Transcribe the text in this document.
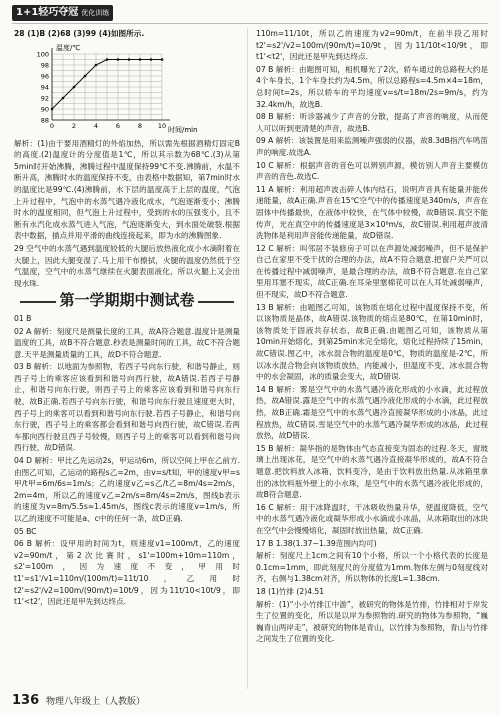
1+1轻巧夺冠 优化训练

28 (1)B (2)68 (3)99 (4)如图所示.

温度/℃
时间/min
88
90
92
94
96
98
100
0	2	4	6	8 10

解析：(1)由于要用酒精灯的外焰加热，所以需先根据酒精灯固定B的高度.(2)温度计的分度值是1℃，所以其示数为68℃.(3)从第5min时开始沸腾，沸腾过程中温度保持99℃不变.沸腾前，水温不断升高，沸腾时水的温度保持不变，由表格中数据知，第7min时水的温度比是99℃.(4)沸腾前，水下层的温度高于上层的温度，气泡上升过程中，气泡中的水蒸气遇冷液化成水，气泡逐渐变小；沸腾时水的温度相同，但气泡上升过程中，受到的水的压强变小，且不断有水汽化成水蒸气进入气泡，气泡逐渐变大，到水面处破裂.根据表中数据，描点并用平滑的曲线连接起来，即为水的沸腾图象.

29 空气中的水蒸气遇到温度较低的大腿后放热液化成小水滴附着在大腿上，因此大腿变湿了.马上用干布擦拭，火腿的温度仍然低于空气温度，空气中的水蒸气继续在火腿表面液化，所以火腿上又会出现水珠.

第一学期期中测试卷

01 B

02 A 解析：刻度尺是测量长度的工具，故A符合题意.温度计是测量温度的工具，故B不符合题意.秒表是测量时间的工具，故C不符合题意.天平是测量质量的工具，故D不符合题意.

03 B 解析：以地面为参照物，若西子号向东行驶，和谐号静止，则西子号上的乘客应该看到和谐号向西行驶，故A错误.若西子号静止，和谐号向东行驶，则西子号上的乘客应该看到和谐号向东行驶，故B正确.若西子号向东行驶，和谐号向东行驶且速度更大时，西子号上的乘客可以看到和谐号向东行驶.若西子号静止，和谐号向东行驶，西子号上的乘客都会看到和谐号向西行驶，故C错误.若两车都向西行驶且西子号较慢，则西子号上的乘客可以看到和谐号向西行驶，故D错误.

04 D 解析：甲比乙先运动2s，甲运动6m，所以空间上甲在乙前方.由图乙可知，乙运动的路程s乙=2m，由v=s/t知，甲的速度v甲=s甲/t甲=6m/6s=1m/s；乙的速度v乙=s乙/t乙=8m/4s=2m/s，2m=4m，所以乙的速度v乙=2m/s=8m/4s=2m/s，图线b表示的速度为v=8m/5.5s≈1.45m/s，图线c表示的速度v=1m/s，所以乙的速度不可能是a、c中的任何一条，故D正确.

05 BC

06 B 解析：设甲用的时间为t，则速度v1=100m/t，乙的速度v2=90m/t，第2次比赛时，s1'=100m+10m=110m，s2'=100m，因为速度不变，甲用时t1'=s1'/v1=110m/(100m/t)=11t/10，乙用时t2'=s2'/v2=100m/(90m/t)=10t/9，因为11t/10<10t/9，即t1'<t2'，因此还是甲先到达终点.

110m=11/10t，所以乙的速度为v2=90m/t，在前半段乙用时t2'=s2'/v2=100m/(90m/t)=10/9t，因为11/10t<10/9t，即t1'<t2'，因此还是甲先到达终点.

07 B 解析：由题图可知，相机曝光了2次，轿车通过的总路程大约是4个车身长，1个车身长约为4.5m，所以总路程s=4.5m×4=18m，总时间t=2s，所以轿车的平均速度v=s/t=18m/2s=9m/s，约为32.4km/h，故选B.

08 B 解析：听诊器减少了声音的分散，提高了声音的响度，从而使人可以听到更清楚的声音，故选B.

09 A 解析：该装置是用来监测噪声强弱的仪器，故8.3dB指汽车鸣笛声的响度.故选A.

10 C 解析：根据声音的音色可以辨别声源，模仿别人声音主要模仿声音的音色.故选C.

11 A 解析：利用超声波击碎人体内结石，说明声音具有能量并能传递能量，故A正确.声音在15℃空气中的传播速度是340m/s，声音在固体中传播最快，在液体中较快，在气体中较慢，故B错误.真空不能传声，光在真空中的传播速度是3×10⁸m/s，故C错误.利用超声波清洗物体是利用声音能传递能量，故D错误.

12 C 解析：叫邻居不装修房子可以在声源处减弱噪声，但不是保护自己在家里不受干扰的合理的办法，故A不符合题意.把窗户关严可以在传播过程中减弱噪声，是最合理的办法，故B不符合题意.在自己家里用耳塞不现实，故C正确.在耳朵里塞棉花可以在人耳处减弱噪声，但不现实，故D不符合题意.

13 B 解析：由题图乙可知，该物质在熔化过程中温度保持不变，所以该物质是晶体，故A错误.该物质的熔点是80℃，在第10min时，该物质处于固液共存状态，故B正确.由题图乙可知，该物质从第10min开始熔化，到第25min末完全熔化，熔化过程持续了15min，故C错误.图乙中，冰水混合物的温度是0℃，物质的温度是-2℃，所以冰水混合物会向该物质放热，内能减小，但温度不变，冰水混合物中的水会凝固，冰的质量会变大，故D错误.

14 B 解析：雾是空气中的水蒸气遇冷液化形成的小水滴，此过程放热，故A错误.露是空气中的水蒸气遇冷液化形成的小水滴，此过程放热，故B正确.霜是空气中的水蒸气遇冷直接凝华形成的小冰晶，此过程放热，故C错误.雪是空气中的水蒸气遇冷凝华形成的冰晶，此过程放热，故D错误.

15 B 解析：凝华指的是物体由气态直接变为固态的过程.冬天，窗玻璃上出现冰花，是空气中的水蒸气遇冷直接凝华形成的，故A不符合题意.把饮料放入冰箱，饮料变冷，是由于饮料放出热量.从冰箱里拿出的冰饮料瓶外壁上的小水珠，是空气中的水蒸气遇冷液化形成的，故B符合题意.

16 C 解析：用干冰降温时，干冰吸收热量升华，使温度降低，空气中的水蒸气遇冷液化或凝华形成小水滴或小冰晶，从冰箱取出的冰块在空气中会慢慢熔化，凝固时放出热量，故C正确.

17 B 1.38(1.37~1.39范围内均可)

解析：刻度尺上1cm之间有10个小格，所以一个小格代表的长度是0.1cm=1mm，即此刻度尺的分度值为1mm.物体左侧与0刻度线对齐，右侧与1.38cm对齐，所以物体的长度L=1.38cm.

18 (1)竹排 (2)4.51

解析：(1)“小小竹排江中游”，被研究的物体是竹排，竹排相对于岸发生了位置的变化，所以是以岸为参照物的.研究的物体为参照物，“巍巍青山两岸走”，被研究的物体是青山，以竹排为参照物，青山与竹排之间发生了位置的变化.

136 物理八年级上（人教版）
